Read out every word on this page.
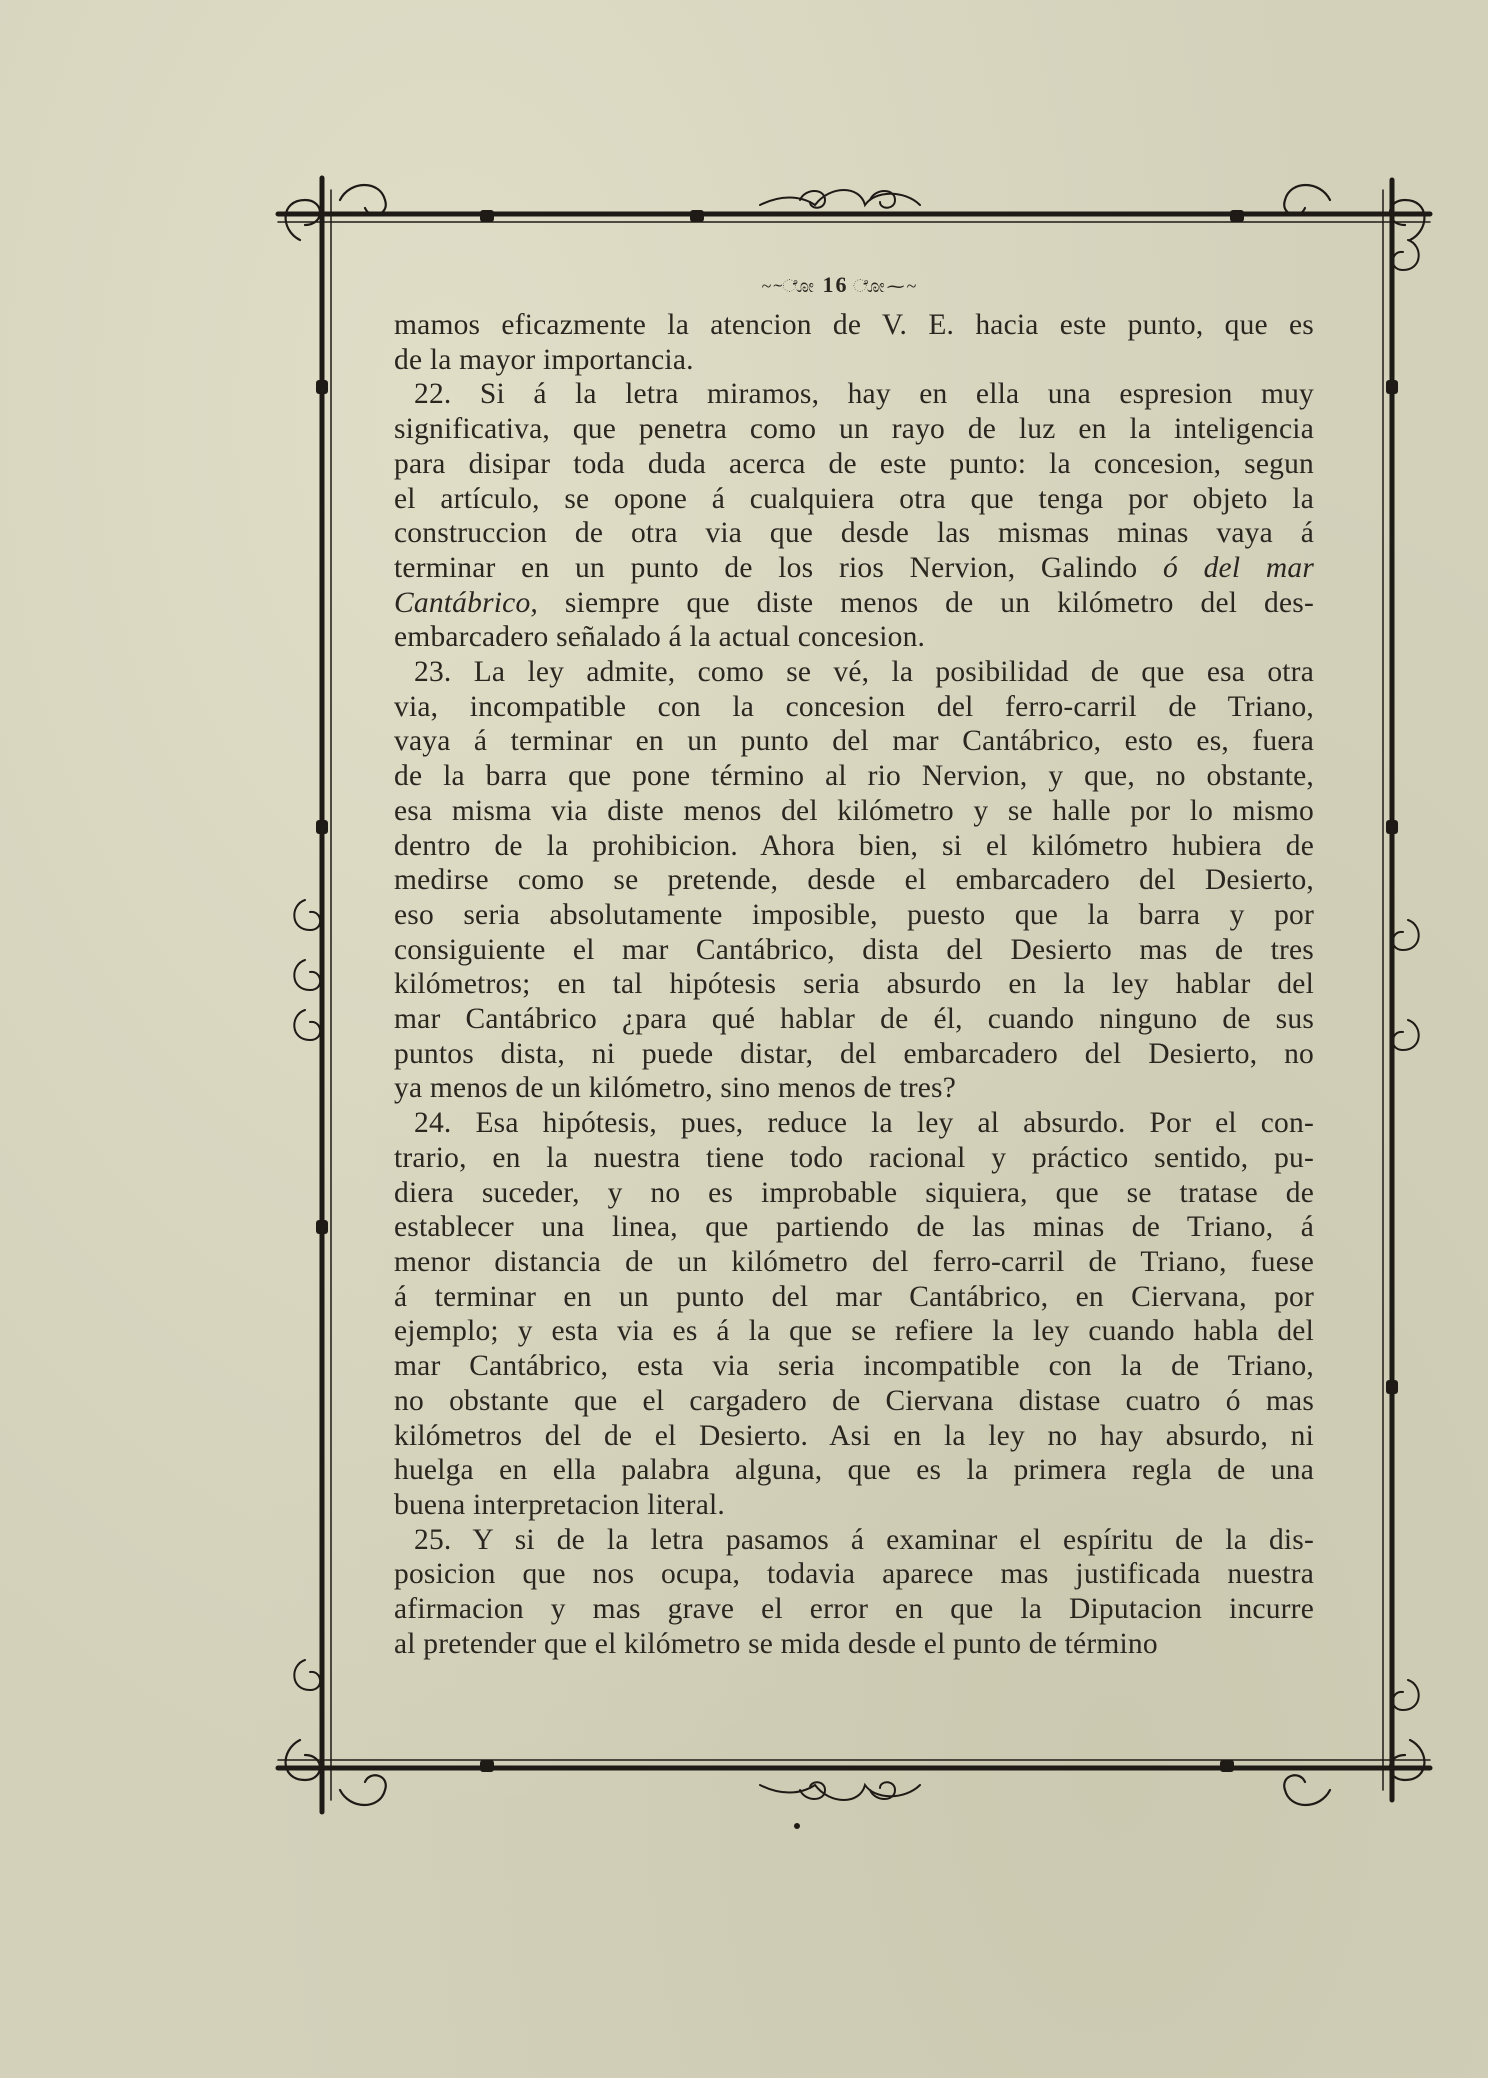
~⁓ೋ 16 ೋ⁓~
mamos eficazmente la atencion de V. E. hacia este punto, que es
de la mayor importancia.
22. Si á la letra miramos, hay en ella una espresion muy
significativa, que penetra como un rayo de luz en la inteligencia
para disipar toda duda acerca de este punto: la concesion, segun
el artículo, se opone á cualquiera otra que tenga por objeto la
construccion de otra via que desde las mismas minas vaya á
terminar en un punto de los rios Nervion, Galindo ó del mar
Cantábrico, siempre que diste menos de un kilómetro del des-
embarcadero señalado á la actual concesion.
23. La ley admite, como se vé, la posibilidad de que esa otra
via, incompatible con la concesion del ferro-carril de Triano,
vaya á terminar en un punto del mar Cantábrico, esto es, fuera
de la barra que pone término al rio Nervion, y que, no obstante,
esa misma via diste menos del kilómetro y se halle por lo mismo
dentro de la prohibicion. Ahora bien, si el kilómetro hubiera de
medirse como se pretende, desde el embarcadero del Desierto,
eso seria absolutamente imposible, puesto que la barra y por
consiguiente el mar Cantábrico, dista del Desierto mas de tres
kilómetros; en tal hipótesis seria absurdo en la ley hablar del
mar Cantábrico ¿para qué hablar de él, cuando ninguno de sus
puntos dista, ni puede distar, del embarcadero del Desierto, no
ya menos de un kilómetro, sino menos de tres?
24. Esa hipótesis, pues, reduce la ley al absurdo. Por el con-
trario, en la nuestra tiene todo racional y práctico sentido, pu-
diera suceder, y no es improbable siquiera, que se tratase de
establecer una linea, que partiendo de las minas de Triano, á
menor distancia de un kilómetro del ferro-carril de Triano, fuese
á terminar en un punto del mar Cantábrico, en Ciervana, por
ejemplo; y esta via es á la que se refiere la ley cuando habla del
mar Cantábrico, esta via seria incompatible con la de Triano,
no obstante que el cargadero de Ciervana distase cuatro ó mas
kilómetros del de el Desierto. Asi en la ley no hay absurdo, ni
huelga en ella palabra alguna, que es la primera regla de una
buena interpretacion literal.
25. Y si de la letra pasamos á examinar el espíritu de la dis-
posicion que nos ocupa, todavia aparece mas justificada nuestra
afirmacion y mas grave el error en que la Diputacion incurre
al pretender que el kilómetro se mida desde el punto de término
